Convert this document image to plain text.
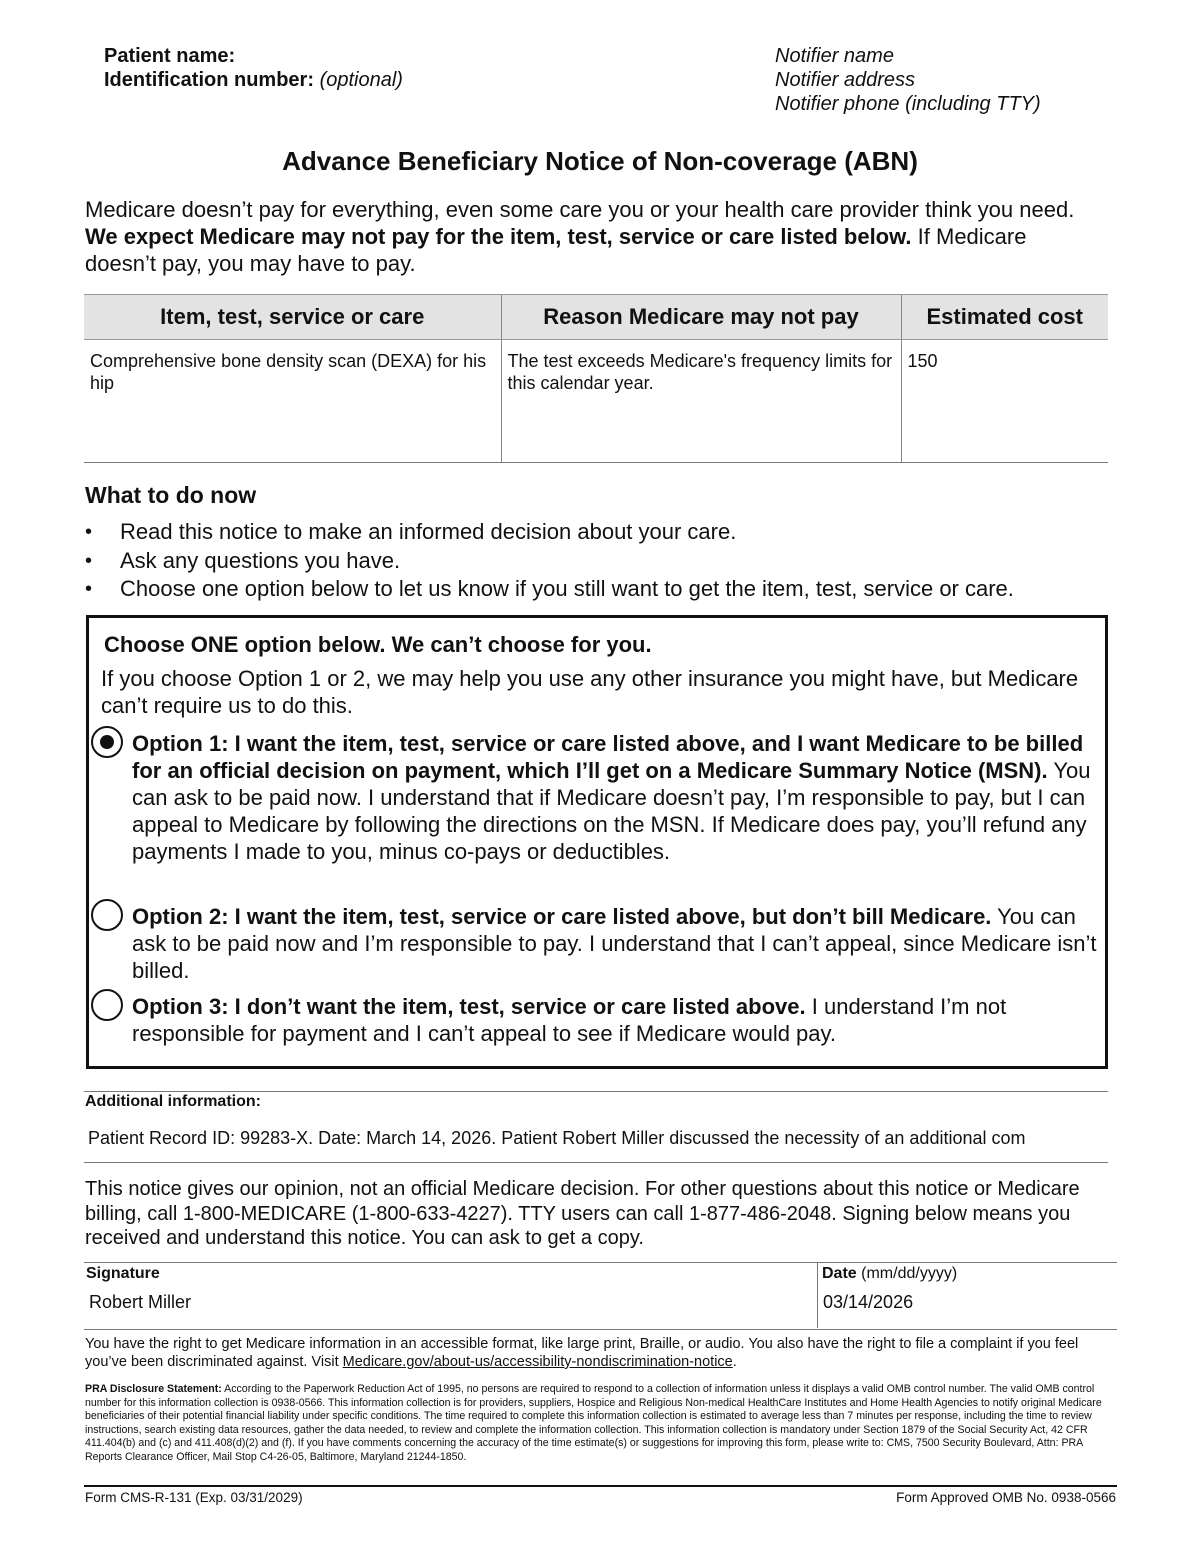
Patient name:
Identification number: (optional)
Notifier name
Notifier address
Notifier phone (including TTY)
Advance Beneficiary Notice of Non-coverage (ABN)
Medicare doesn’t pay for everything, even some care you or your health care provider think you need. We expect Medicare may not pay for the item, test, service or care listed below. If Medicare doesn’t pay, you may have to pay.
Item, test, service or care	Reason Medicare may not pay	Estimated cost
Comprehensive bone density scan (DEXA) for his hip	The test exceeds Medicare's frequency limits for this calendar year.	150
What to do now
• Read this notice to make an informed decision about your care.
• Ask any questions you have.
• Choose one option below to let us know if you still want to get the item, test, service or care.
Choose ONE option below. We can’t choose for you.
If you choose Option 1 or 2, we may help you use any other insurance you might have, but Medicare can’t require us to do this.
Option 1: I want the item, test, service or care listed above, and I want Medicare to be billed for an official decision on payment, which I’ll get on a Medicare Summary Notice (MSN). You can ask to be paid now. I understand that if Medicare doesn’t pay, I’m responsible to pay, but I can appeal to Medicare by following the directions on the MSN. If Medicare does pay, you’ll refund any payments I made to you, minus co-pays or deductibles.
Option 2: I want the item, test, service or care listed above, but don’t bill Medicare. You can ask to be paid now and I’m responsible to pay. I understand that I can’t appeal, since Medicare isn’t billed.
Option 3: I don’t want the item, test, service or care listed above. I understand I’m not responsible for payment and I can’t appeal to see if Medicare would pay.
Additional information:
Patient Record ID: 99283-X. Date: March 14, 2026. Patient Robert Miller discussed the necessity of an additional com
This notice gives our opinion, not an official Medicare decision. For other questions about this notice or Medicare billing, call 1-800-MEDICARE (1-800-633-4227). TTY users can call 1-877-486-2048. Signing below means you received and understand this notice. You can ask to get a copy.
Signature
Robert Miller
Date (mm/dd/yyyy)
03/14/2026
You have the right to get Medicare information in an accessible format, like large print, Braille, or audio. You also have the right to file a complaint if you feel you’ve been discriminated against. Visit Medicare.gov/about-us/accessibility-nondiscrimination-notice.
PRA Disclosure Statement: According to the Paperwork Reduction Act of 1995, no persons are required to respond to a collection of information unless it displays a valid OMB control number. The valid OMB control number for this information collection is 0938-0566. This information collection is for providers, suppliers, Hospice and Religious Non-medical HealthCare Institutes and Home Health Agencies to notify original Medicare beneficiaries of their potential financial liability under specific conditions. The time required to complete this information collection is estimated to average less than 7 minutes per response, including the time to review instructions, search existing data resources, gather the data needed, to review and complete the information collection. This information collection is mandatory under Section 1879 of the Social Security Act, 42 CFR 411.404(b) and (c) and 411.408(d)(2) and (f). If you have comments concerning the accuracy of the time estimate(s) or suggestions for improving this form, please write to: CMS, 7500 Security Boulevard, Attn: PRA Reports Clearance Officer, Mail Stop C4-26-05, Baltimore, Maryland 21244-1850.
Form CMS-R-131 (Exp. 03/31/2029)	Form Approved OMB No. 0938-0566
